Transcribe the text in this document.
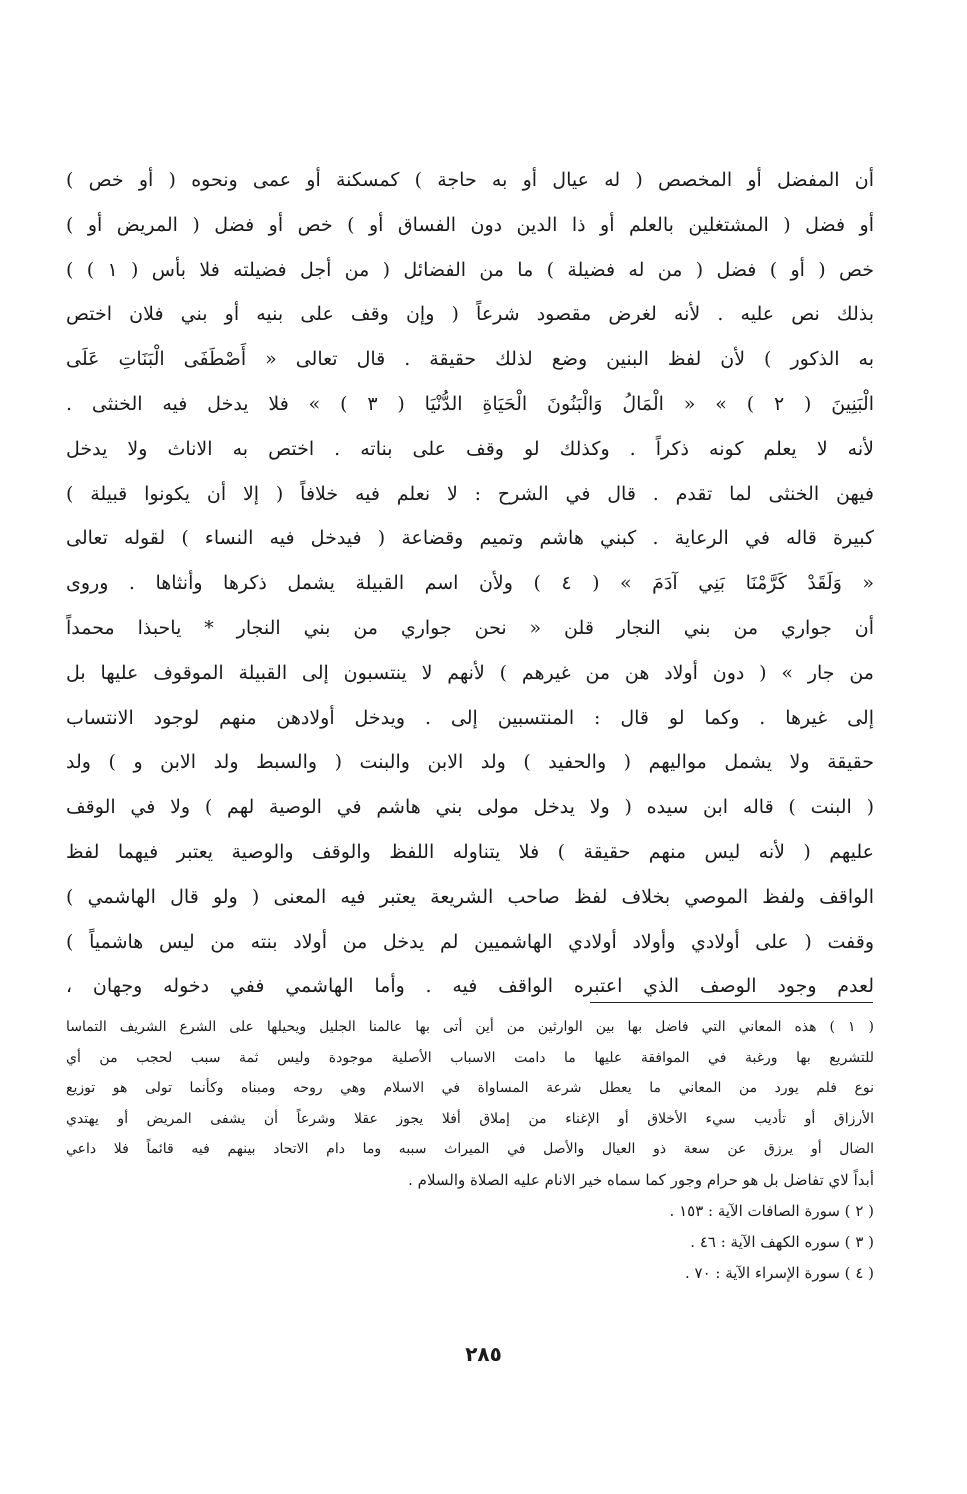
أن المفضل أو المخصص ( له عيال أو به حاجة ) كمسكنة أو عمى ونحوه ( أو خص )
أو فضل ( المشتغلين بالعلم أو ذا الدين دون الفساق أو ) خص أو فضل ( المريض أو )
خص ( أو ) فضل ( من له فضيلة ) ما من الفضائل ( من أجل فضيلته فلا بأس ( ١ ) )
بذلك نص عليه . لأنه لغرض مقصود شرعاً ( وإن وقف على بنيه أو بني فلان اختص
به الذكور ) لأن لفظ البنين وضع لذلك حقيقة . قال تعالى « أَصْطَفَى الْبَنَاتِ عَلَى
الْبَنِينَ ( ٢ ) » « الْمَالُ وَالْبَنُونَ الْحَيَاةِ الدُّنْيَا ( ٣ ) » فلا يدخل فيه الخنثى .
لأنه لا يعلم كونه ذكراً . وكذلك لو وقف على بناته . اختص به الاناث ولا يدخل
فيهن الخنثى لما تقدم . قال في الشرح : لا نعلم فيه خلافاً ( إلا أن يكونوا قبيلة )
كبيرة قاله في الرعاية . كبني هاشم وتميم وقضاعة ( فيدخل فيه النساء ) لقوله تعالى
« وَلَقَدْ كَرَّمْنَا بَنِي آدَمَ » ( ٤ ) ولأن اسم القبيلة يشمل ذكرها وأنثاها . وروى
أن جواري من بني النجار قلن « نحن جواري من بني النجار * ياحبذا محمداً
من جار » ( دون أولاد هن من غيرهم ) لأنهم لا ينتسبون إلى القبيلة الموقوف عليها بل
إلى غيرها . وكما لو قال : المنتسبين إلى . ويدخل أولادهن منهم لوجود الانتساب
حقيقة ولا يشمل مواليهم ( والحفيد ) ولد الابن والبنت ( والسبط ولد الابن و ) ولد
( البنت ) قاله ابن سيده ( ولا يدخل مولى بني هاشم في الوصية لهم ) ولا في الوقف
عليهم ( لأنه ليس منهم حقيقة ) فلا يتناوله اللفظ والوقف والوصية يعتبر فيهما لفظ
الواقف ولفظ الموصي بخلاف لفظ صاحب الشريعة يعتبر فيه المعنى ( ولو قال الهاشمي )
وقفت ( على أولادي وأولاد أولادي الهاشميين لم يدخل من أولاد بنته من ليس هاشمياً )
لعدم وجود الوصف الذي اعتبره الواقف فيه . وأما الهاشمي ففي دخوله وجهان ،
( ١ ) هذه المعاني التي فاضل بها بين الوارثين من أين أتى بها عالمنا الجليل ويحيلها على الشرع الشريف التماسا
للتشريع بها ورغبة في الموافقة عليها ما دامت الاسباب الأصلية موجودة وليس ثمة سبب لحجب من أي
نوع فلم يورد من المعاني ما يعطل شرعة المساواة في الاسلام وهي روحه ومبناه وكأنما تولى هو توزيع
الأرزاق أو تأديب سيء الأخلاق أو الإغناء من إملاق أفلا يجوز عقلا وشرعاً أن يشفى المريض أو يهتدي
الضال أو يرزق عن سعة ذو العيال والأصل في الميراث سببه وما دام الاتحاد بينهم فيه قائماً فلا داعي
أبداً لاي تفاضل بل هو حرام وجور كما سماه خير الانام عليه الصلاة والسلام .
( ٢ ) سورة الصافات الآية : ١٥٣ .
( ٣ ) سوره الكهف الآية : ٤٦ .
( ٤ ) سورة الإسراء الآية : ٧٠ .
٢٨٥
